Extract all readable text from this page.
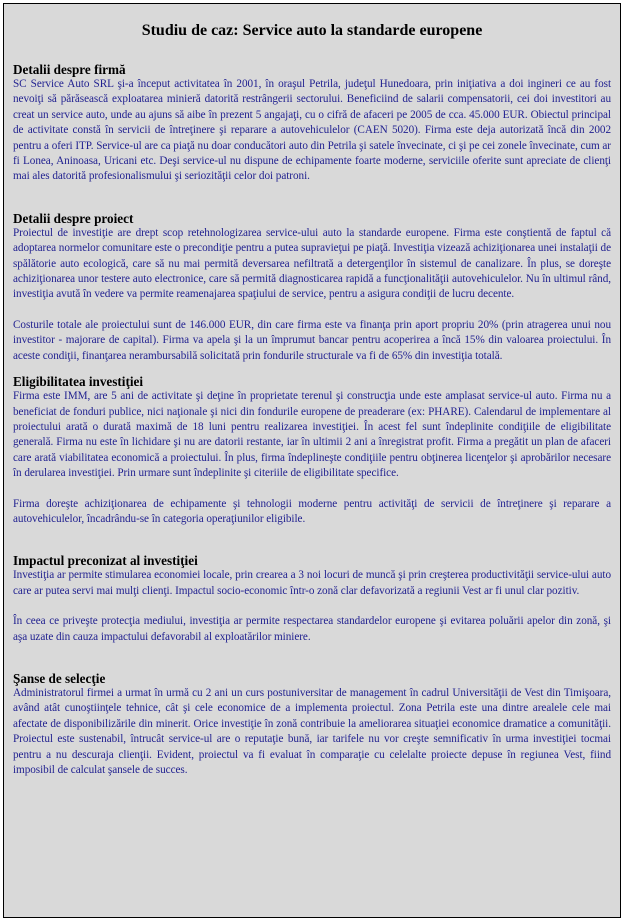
Studiu de caz: Service auto la standarde europene
Detalii despre firmă

SC Service Auto SRL şi-a început activitatea în 2001, în oraşul Petrila, judeţul Hunedoara, prin iniţiativa a doi ingineri ce au fost nevoiţi să părăsească exploatarea minieră datorită restrângerii sectorului. Beneficiind de salarii compensatorii, cei doi investitori au creat un service auto, unde au ajuns să aibe în prezent 5 angajaţi, cu o cifră de afaceri pe 2005 de cca. 45.000 EUR. Obiectul principal de activitate constă în servicii de întreţinere şi reparare a autovehiculelor (CAEN 5020). Firma este deja autorizată încă din 2002 pentru a oferi ITP. Service-ul are ca piaţă nu doar conducători auto din Petrila şi satele învecinate, ci şi pe cei zonele învecinate, cum ar fi Lonea, Aninoasa, Uricani etc. Deşi service-ul nu dispune de echipamente foarte moderne, serviciile oferite sunt apreciate de clienţi mai ales datorită profesionalismului şi seriozităţii celor doi patroni.

Detalii despre proiect

Proiectul de investiţie are drept scop retehnologizarea service-ului auto la standarde europene. Firma este conştientă de faptul că adoptarea normelor comunitare este o precondiţie pentru a putea supravieţui pe piaţă. Investiţia vizează achiziţionarea unei instalaţii de spălătorie auto ecologică, care să nu mai permită deversarea nefiltrată a detergenţilor în sistemul de canalizare. În plus, se doreşte achiziţionarea unor testere auto electronice, care să permită diagnosticarea rapidă a funcţionalităţii autovehiculelor. Nu în ultimul rând, investiţia avută în vedere va permite reamenajarea spaţiului de service, pentru a asigura condiţii de lucru decente.

Costurile totale ale proiectului sunt de 146.000 EUR, din care firma este va finanţa prin aport propriu 20% (prin atragerea unui nou investitor - majorare de capital). Firma va apela şi la un împrumut bancar pentru acoperirea a încă 15% din valoarea proiectului. În aceste condiţii, finanţarea nerambursabilă solicitată prin fondurile structurale va fi de 65% din investiţia totală.

Eligibilitatea investiţiei

Firma este IMM, are 5 ani de activitate şi deţine în proprietate terenul şi construcţia unde este amplasat service-ul auto. Firma nu a beneficiat de fonduri publice, nici naţionale şi nici din fondurile europene de preaderare (ex: PHARE). Calendarul de implementare al proiectului arată o durată maximă de 18 luni pentru realizarea investiţiei. În acest fel sunt îndeplinite condiţiile de eligibilitate generală. Firma nu este în lichidare şi nu are datorii restante, iar în ultimii 2 ani a înregistrat profit. Firma a pregătit un plan de afaceri care arată viabilitatea economică a proiectului. În plus, firma îndeplineşte condiţiile pentru obţinerea licenţelor şi aprobărilor necesare în derularea investiţiei. Prin urmare sunt îndeplinite şi citeriile de eligibilitate specifice.

Firma doreşte achiziţionarea de echipamente şi tehnologii moderne pentru activităţi de servicii de întreţinere şi reparare a autovehiculelor, încadrându-se în categoria operaţiunilor eligibile.

Impactul preconizat al investiţiei

Investiţia ar permite stimularea economiei locale, prin crearea a 3 noi locuri de muncă şi prin creşterea productivităţii service-ului auto care ar putea servi mai mulţi clienţi. Impactul socio-economic într-o zonă clar defavorizată a regiunii Vest ar fi unul clar pozitiv.

În ceea ce priveşte protecţia mediului, investiţia ar permite respectarea standardelor europene şi evitarea poluării apelor din zonă, şi aşa uzate din cauza impactului defavorabil al exploatărilor miniere.

Şanse de selecţie

Administratorul firmei a urmat în urmă cu 2 ani un curs postuniversitar de management în cadrul Universităţii de Vest din Timişoara, având atât cunoştiinţele tehnice, cât şi cele economice de a implementa proiectul. Zona Petrila este una dintre arealele cele mai afectate de disponibilizările din minerit. Orice investiţie în zonă contribuie la ameliorarea situaţiei economice dramatice a comunităţii. Proiectul este sustenabil, întrucât service-ul are o reputaţie bună, iar tarifele nu vor creşte semnificativ în urma investiţiei tocmai pentru a nu descuraja clienţii. Evident, proiectul va fi evaluat în comparaţie cu celelalte proiecte depuse în regiunea Vest, fiind imposibil de calculat şansele de succes.
